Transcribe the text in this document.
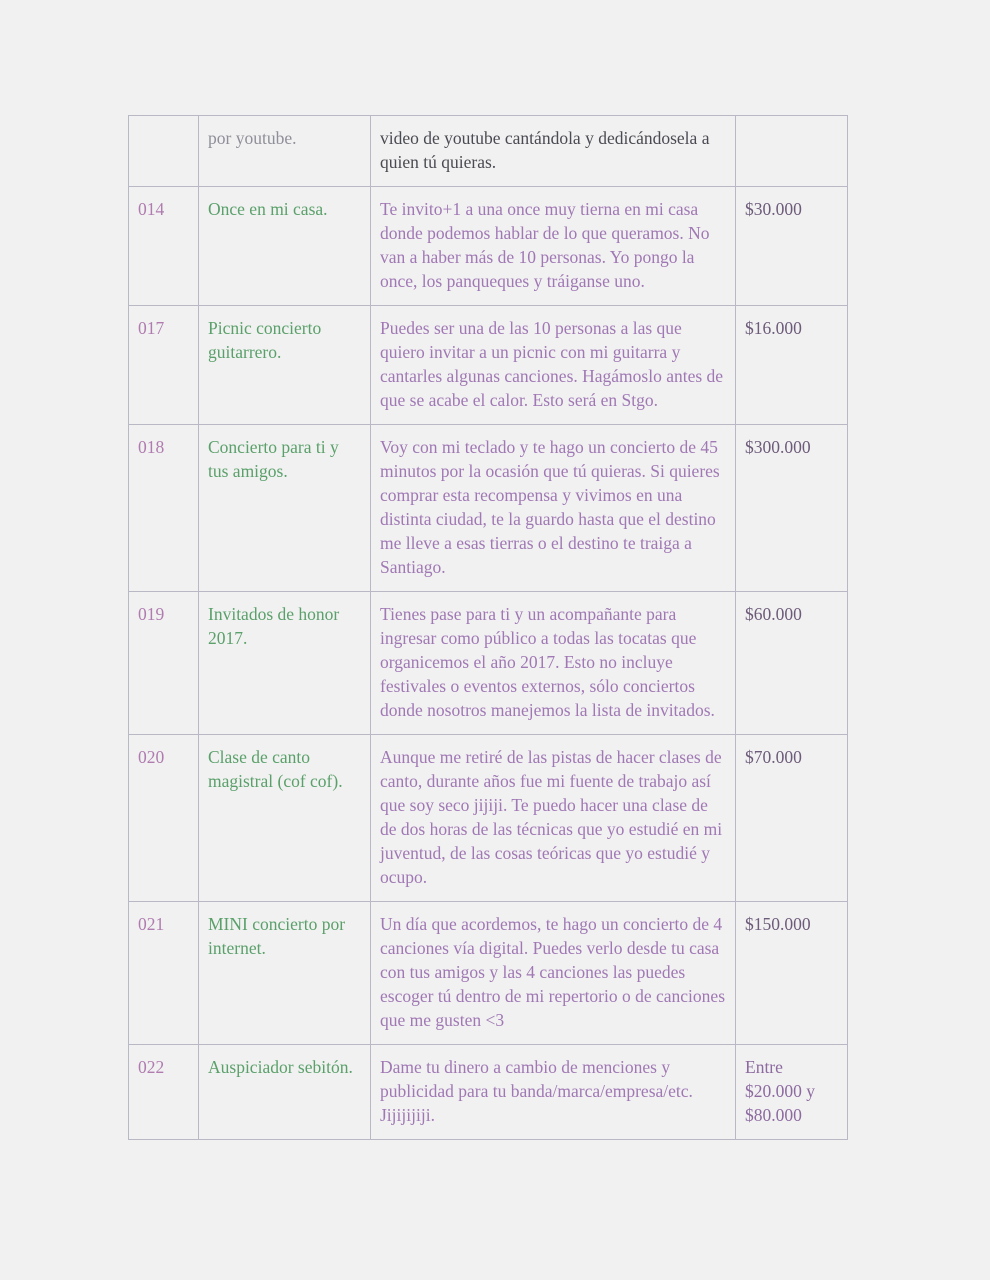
	por youtube.	video de youtube cantándola y dedicándosela a quien tú quieras.	
014	Once en mi casa.	Te invito+1 a una once muy tierna en mi casa donde podemos hablar de lo que queramos. No van a haber más de 10 personas. Yo pongo la once, los panqueques y tráiganse uno.	$30.000
017	Picnic concierto guitarrero.	Puedes ser una de las 10 personas a las que quiero invitar a un picnic con mi guitarra y cantarles algunas canciones. Hagámoslo antes de que se acabe el calor. Esto será en Stgo.	$16.000
018	Concierto para ti y tus amigos.	Voy con mi teclado y te hago un concierto de 45 minutos por la ocasión que tú quieras. Si quieres comprar esta recompensa y vivimos en una distinta ciudad, te la guardo hasta que el destino me lleve a esas tierras o el destino te traiga a Santiago.	$300.000
019	Invitados de honor 2017.	Tienes pase para ti y un acompañante para ingresar como público a todas las tocatas que organicemos el año 2017. Esto no incluye festivales o eventos externos, sólo conciertos donde nosotros manejemos la lista de invitados.	$60.000
020	Clase de canto magistral (cof cof).	Aunque me retiré de las pistas de hacer clases de canto, durante años fue mi fuente de trabajo así que soy seco jijiji. Te puedo hacer una clase de de dos horas de las técnicas que yo estudié en mi juventud, de las cosas teóricas que yo estudié y ocupo.	$70.000
021	MINI concierto por internet.	Un día que acordemos, te hago un concierto de 4 canciones vía digital. Puedes verlo desde tu casa con tus amigos y las 4 canciones las puedes escoger tú dentro de mi repertorio o de canciones que me gusten <3	$150.000
022	Auspiciador sebitón.	Dame tu dinero a cambio de menciones y publicidad para tu banda/marca/empresa/etc. Jijijijiji.	Entre $20.000 y $80.000
